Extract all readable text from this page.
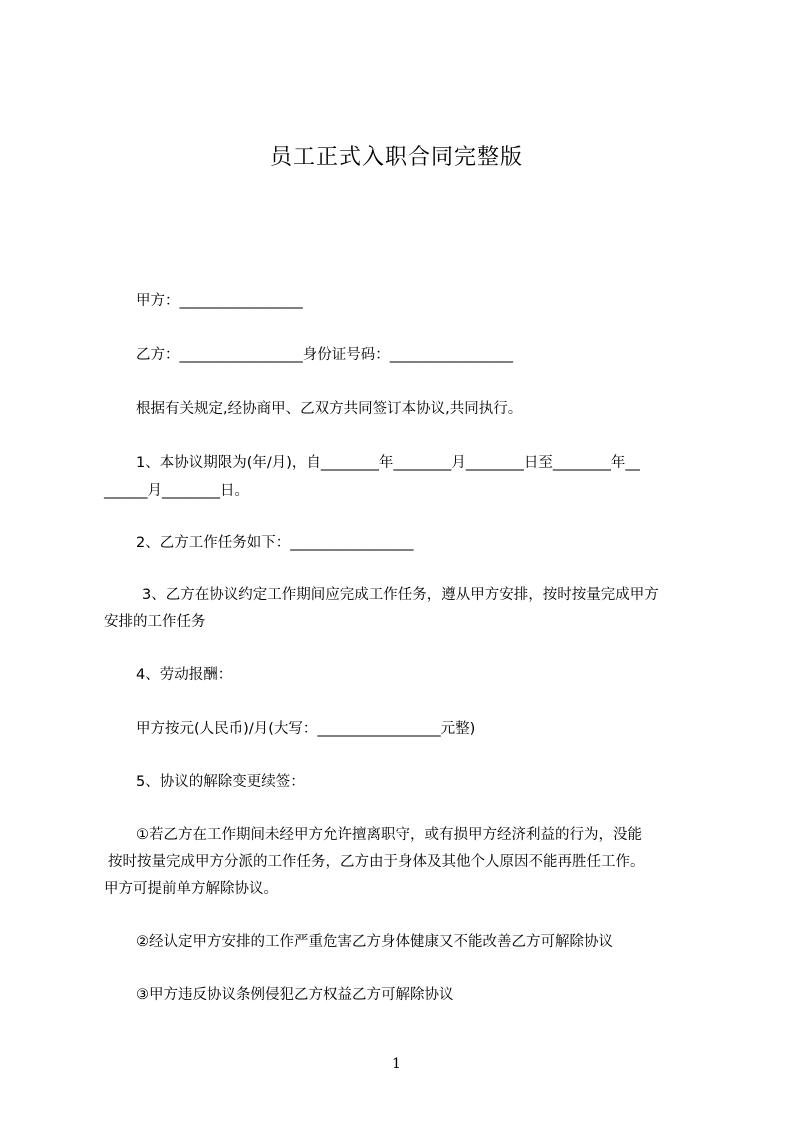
员工正式入职合同完整版
甲方：_________________
乙方：_________________身份证号码：_________________
根据有关规定,经协商甲、乙双方共同签订本协议,共同执行。
1、本协议期限为(年/月)，自________年________月________日至________年__
______月________日。
2、乙方工作任务如下：_________________
3、乙方在协议约定工作期间应完成工作任务，遵从甲方安排，按时按量完成甲方
安排的工作任务
4、劳动报酬：
甲方按元(人民币)/月(大写：_________________元整)
5、协议的解除变更续签：
①若乙方在工作期间未经甲方允许擅离职守，或有损甲方经济利益的行为，没能
按时按量完成甲方分派的工作任务，乙方由于身体及其他个人原因不能再胜任工作。
甲方可提前单方解除协议。
②经认定甲方安排的工作严重危害乙方身体健康又不能改善乙方可解除协议
③甲方违反协议条例侵犯乙方权益乙方可解除协议
1
